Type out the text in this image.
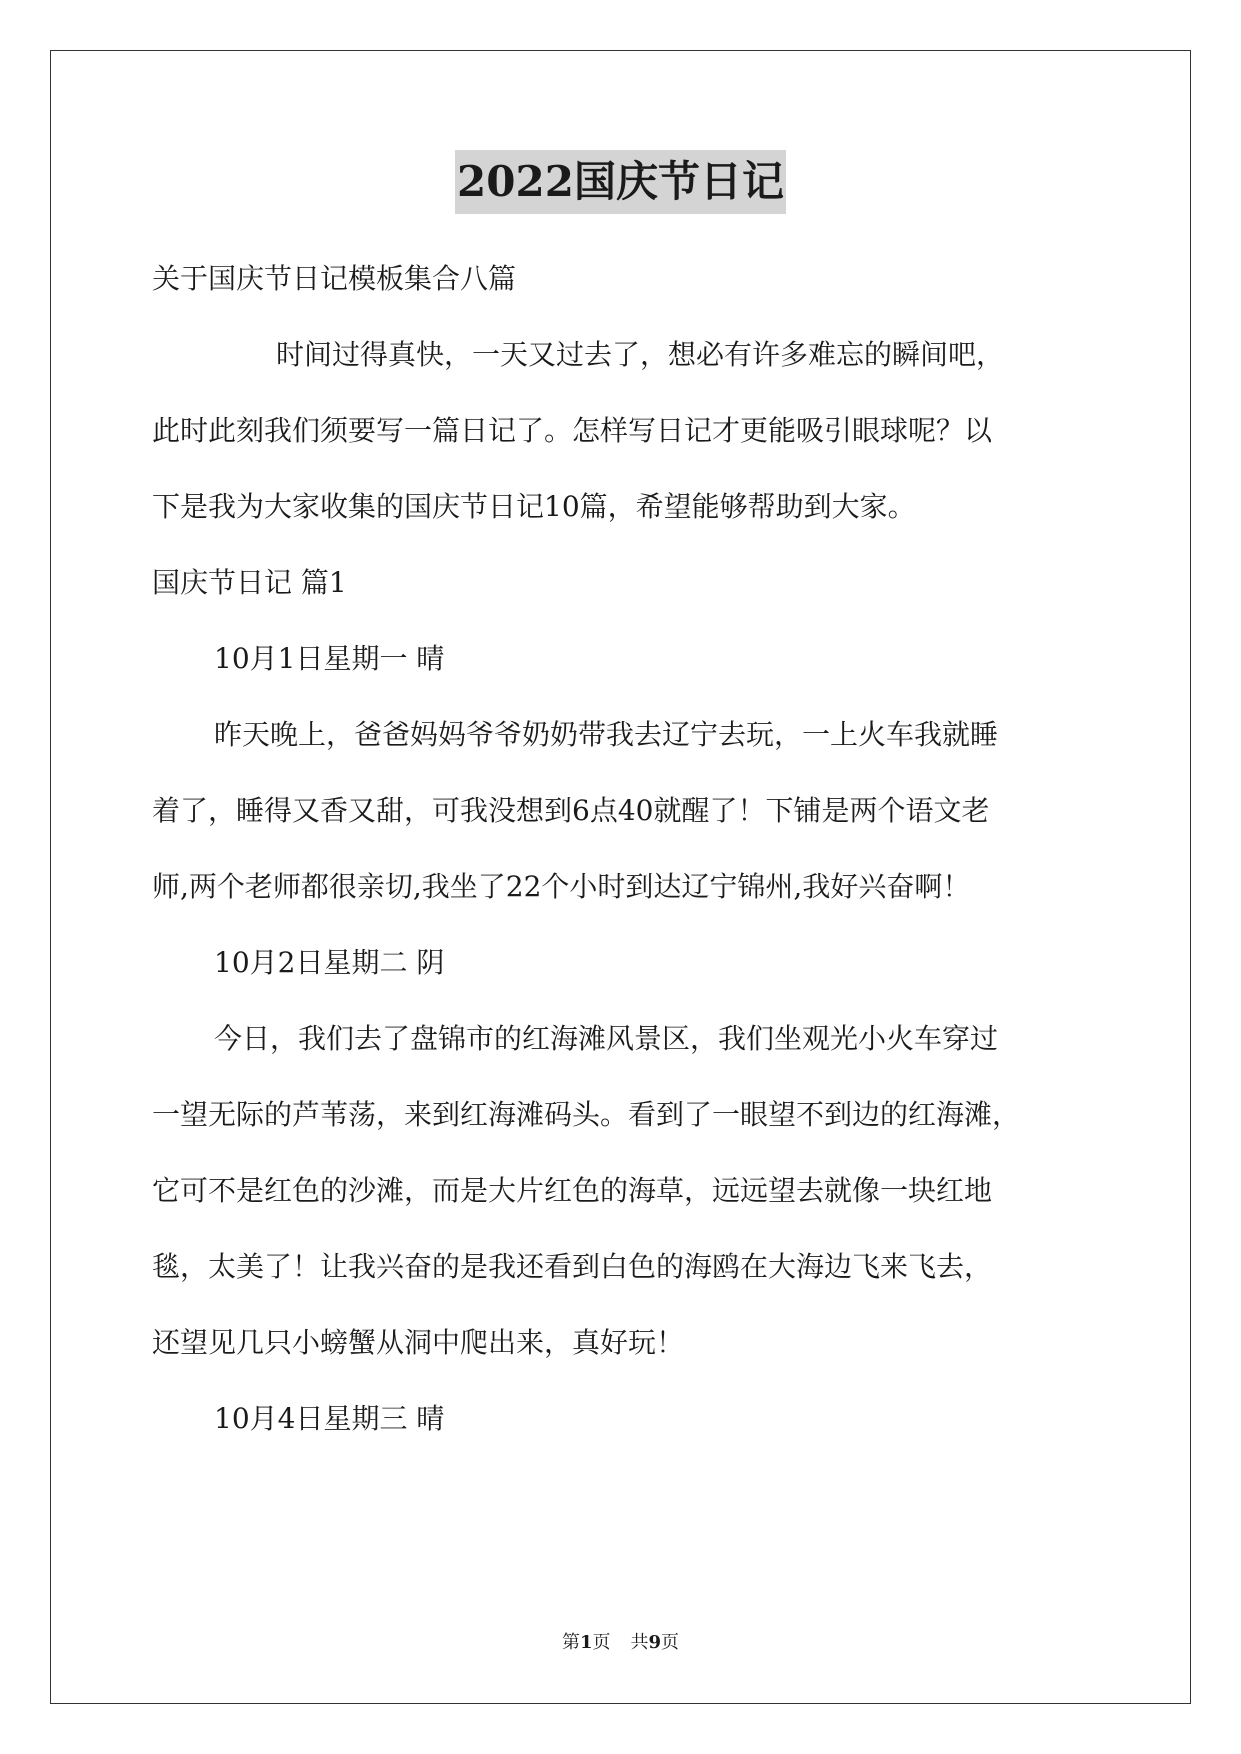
2022国庆节日记
关于国庆节日记模板集合八篇
时间过得真快，一天又过去了，想必有许多难忘的瞬间吧，
此时此刻我们须要写一篇日记了。怎样写日记才更能吸引眼球呢？以
下是我为大家收集的国庆节日记10篇，希望能够帮助到大家。
国庆节日记 篇1
10月1日星期一 晴
昨天晚上，爸爸妈妈爷爷奶奶带我去辽宁去玩，一上火车我就睡
着了，睡得又香又甜，可我没想到6点40就醒了！下铺是两个语文老
师,两个老师都很亲切,我坐了22个小时到达辽宁锦州,我好兴奋啊！
10月2日星期二 阴
今日，我们去了盘锦市的红海滩风景区，我们坐观光小火车穿过
一望无际的芦苇荡，来到红海滩码头。看到了一眼望不到边的红海滩，
它可不是红色的沙滩，而是大片红色的海草，远远望去就像一块红地
毯，太美了！让我兴奋的是我还看到白色的海鸥在大海边飞来飞去，
还望见几只小螃蟹从洞中爬出来，真好玩！
10月4日星期三 晴
第1页 共9页
